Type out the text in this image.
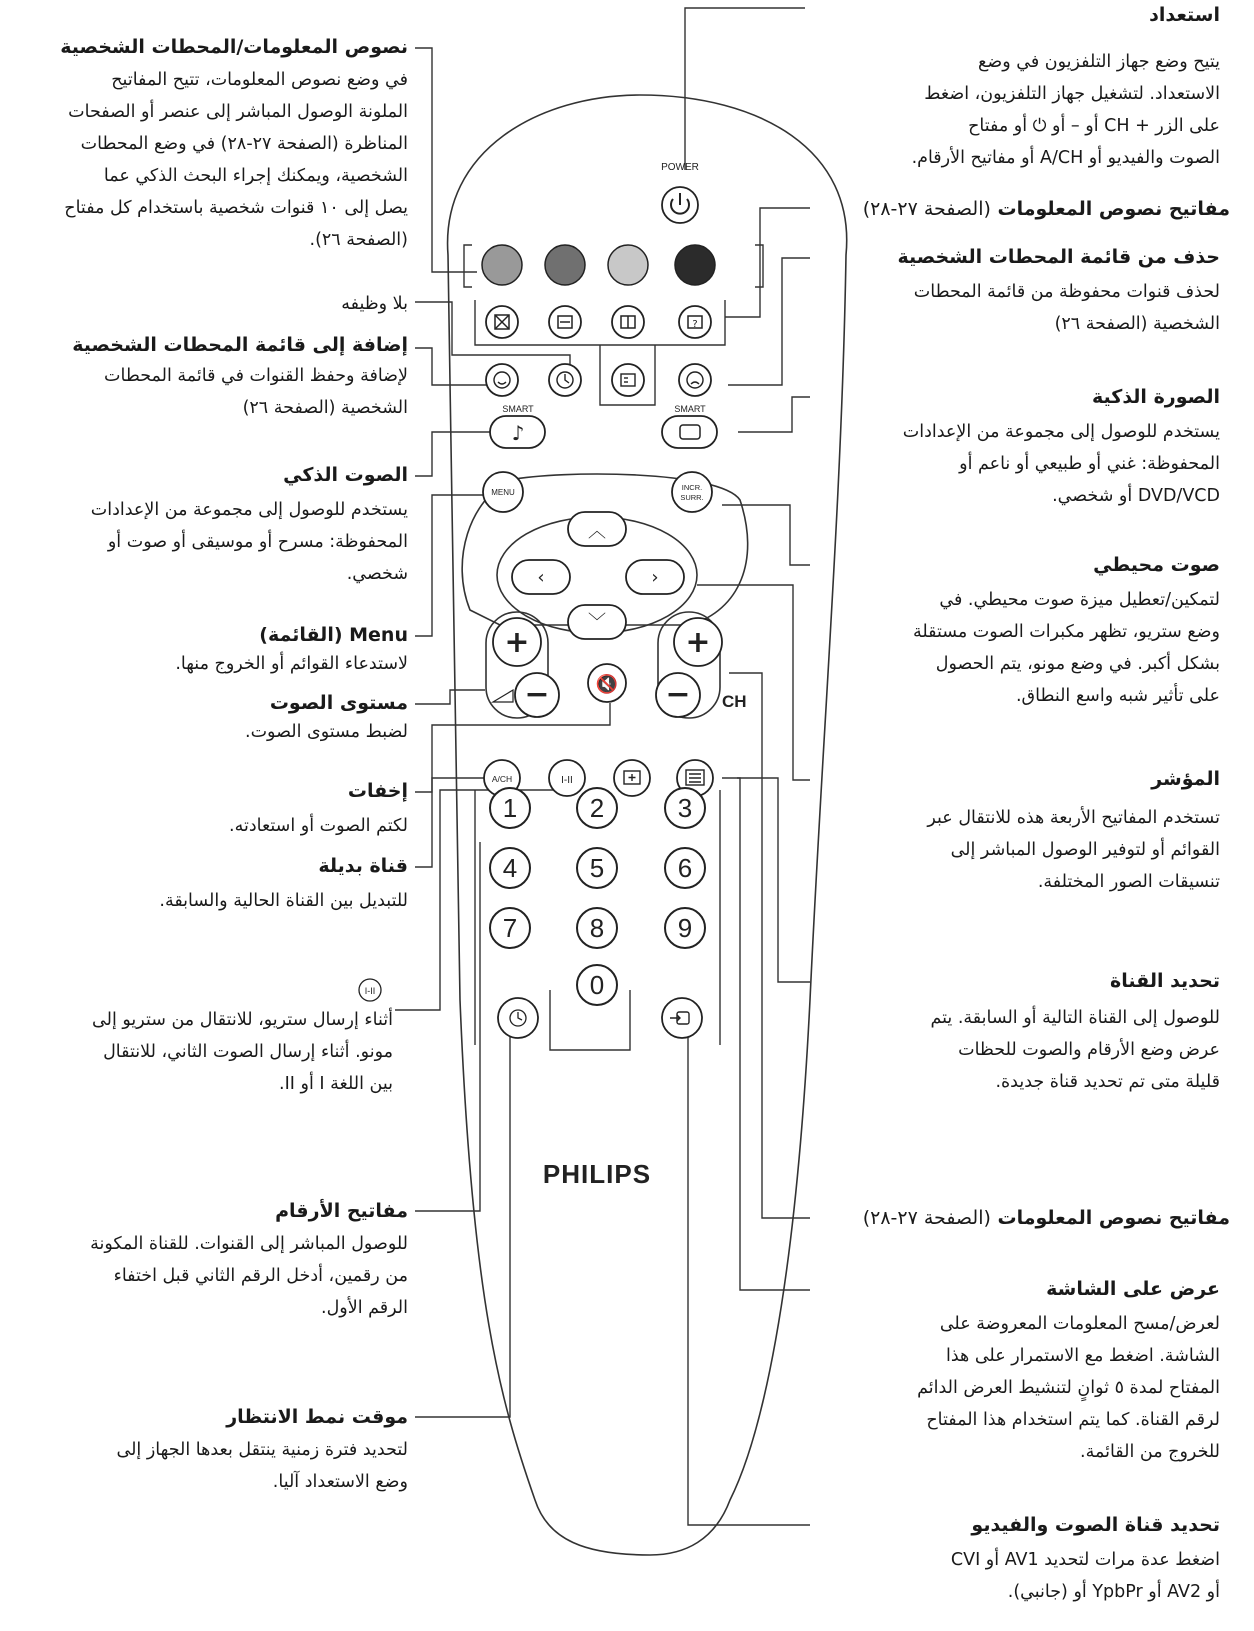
POWER
?
SMART
♪
SMART
MENU
INCR.
SURR.
︿
‹	›
﹀
+
−
+
− CH
🔇
A/CH	I-II
1	2	3
4	5	6
7	8	9
0
PHILIPS
I-II
استعداد
يتيح وضع جهاز التلفزيون في وضع
الاستعداد. لتشغيل جهاز التلفزيون، اضغط
على الزر + CH أو – أو ⏻ أو مفتاح
الصوت والفيديو أو A/CH أو مفاتيح الأرقام.
مفاتيح نصوص المعلومات (الصفحة ٢٧-٢٨)
حذف من قائمة المحطات الشخصية
لحذف قنوات محفوظة من قائمة المحطات
الشخصية (الصفحة ٢٦)
الصورة الذكية
يستخدم للوصول إلى مجموعة من الإعدادات
المحفوظة: غني أو طبيعي أو ناعم أو
DVD/VCD أو شخصي.
صوت محيطي
لتمكين/تعطيل ميزة صوت محيطي. في
وضع ستريو، تظهر مكبرات الصوت مستقلة
بشكل أكبر. في وضع مونو، يتم الحصول
على تأثير شبه واسع النطاق.
المؤشر
تستخدم المفاتيح الأربعة هذه للانتقال عبر
القوائم أو لتوفير الوصول المباشر إلى
تنسيقات الصور المختلفة.
تحديد القناة
للوصول إلى القناة التالية أو السابقة. يتم
عرض وضع الأرقام والصوت للحظات
قليلة متى تم تحديد قناة جديدة.
مفاتيح نصوص المعلومات (الصفحة ٢٧-٢٨)
عرض على الشاشة
لعرض/مسح المعلومات المعروضة على
الشاشة. اضغط مع الاستمرار على هذا
المفتاح لمدة ٥ ثوانٍ لتنشيط العرض الدائم
لرقم القناة. كما يتم استخدام هذا المفتاح
للخروج من القائمة.
تحديد قناة الصوت والفيديو
اضغط عدة مرات لتحديد AV1 أو CVI
أو AV2 أو YpbPr أو (جانبي).
نصوص المعلومات/المحطات الشخصية
في وضع نصوص المعلومات، تتيح المفاتيح
الملونة الوصول المباشر إلى عنصر أو الصفحات
المناظرة (الصفحة ٢٧-٢٨) في وضع المحطات
الشخصية، ويمكنك إجراء البحث الذكي عما
يصل إلى ١٠ قنوات شخصية باستخدام كل مفتاح
(الصفحة ٢٦).
بلا وظيفه
إضافة إلى قائمة المحطات الشخصية
لإضافة وحفظ القنوات في قائمة المحطات
الشخصية (الصفحة ٢٦)
الصوت الذكي
يستخدم للوصول إلى مجموعة من الإعدادات
المحفوظة: مسرح أو موسيقى أو صوت أو
شخصي.
Menu (القائمة)
لاستدعاء القوائم أو الخروج منها.
مستوى الصوت
لضبط مستوى الصوت.
إخفات
لكتم الصوت أو استعادته.
قناة بديلة
للتبديل بين القناة الحالية والسابقة.
أثناء إرسال ستريو، للانتقال من ستريو إلى
مونو. أثناء إرسال الصوت الثاني، للانتقال
بين اللغة I أو II.
مفاتيح الأرقام
للوصول المباشر إلى القنوات. للقناة المكونة
من رقمين، أدخل الرقم الثاني قبل اختفاء
الرقم الأول.
موقت نمط الانتظار
لتحديد فترة زمنية ينتقل بعدها الجهاز إلى
وضع الاستعداد آليا.
